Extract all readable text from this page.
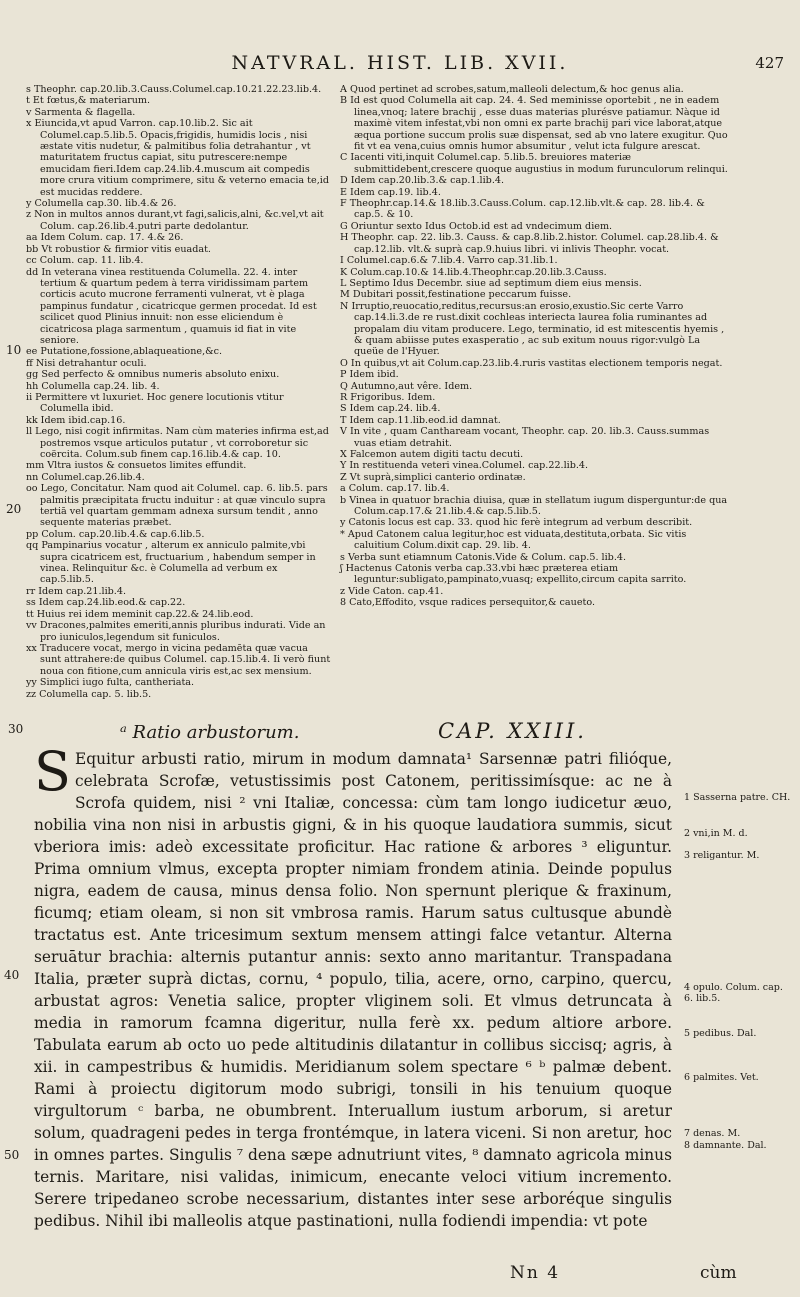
NATVRAL. HIST. LIB. XVII.	427
s Theophr. cap.20.lib.3.Causs.Columel.cap.10.21.22.23.lib.4.
t Et fœtus,& materiarum.
v Sarmenta & flagella.
x Eiuncida,vt apud Varron. cap.10.lib.2. Sic ait Columel.cap.5.lib.5. Opacis,frigidis, humidis locis , nisi æstate vitis nudetur, & palmitibus folia detrahantur , vt maturitatem fructus capiat, situ putrescere:nempe emucidam fieri.Idem cap.24.lib.4.muscum ait compedis more crura vitium comprimere, situ & veterno emacia te,id est mucidas reddere.
y Columella cap.30. lib.4.& 26.
z Non in multos annos durant,vt fagi,salicis,alni, &c.vel,vt ait Colum. cap.26.lib.4.putri parte dedolantur.
aa Idem Colum. cap. 17. 4.& 26.
bb Vt robustior & firmior vitis euadat.
cc Colum. cap. 11. lib.4.
dd In veterana vinea restituenda Columella. 22. 4. inter tertium & quartum pedem à terra viridissimam partem corticis acuto mucrone ferramenti vulnerat, vt è plaga pampinus fundatur , cicatricque germen procedat. Id est scilicet quod Plinius innuit: non esse eliciendum è cicatricosa plaga sarmentum , quamuis id fiat in vite seniore.
ee Putatione,fossione,ablaqueatione,&c.
ff Nisi detrahantur oculi.
gg Sed perfecto & omnibus numeris absoluto enixu.
hh Columella cap.24. lib. 4.
ii Permittere vt luxuriet. Hoc genere locutionis vtitur Columella ibid.
kk Idem ibid.cap.16.
ll Lego, nisi cogit infirmitas. Nam cùm materies infirma est,ad postremos vsque articulos putatur , vt corroboretur sic coërcita. Colum.sub finem cap.16.lib.4.& cap. 10.
mm Vltra iustos & consuetos limites effundit.
nn Columel.cap.26.lib.4.
oo Lego, Concitatur. Nam quod ait Columel. cap. 6. lib.5. pars palmitis præcipitata fructu induitur : at quæ vinculo supra tertiā vel quartam gemmam adnexa sursum tendit , anno sequente materias præbet.
pp Colum. cap.20.lib.4.& cap.6.lib.5.
qq Pampinarius vocatur , alterum ex anniculo palmite,vbi supra cicatricem est, fructuarium , habendum semper in vinea. Relinquitur &c. è Columella ad verbum ex cap.5.lib.5.
rr Idem cap.21.lib.4.
ss Idem cap.24.lib.eod.& cap.22.
tt Huius rei idem meminit cap.22.& 24.lib.eod.
vv Dracones,palmites emeriti,annis pluribus indurati. Vide an pro iuniculos,legendum sit funiculos.
xx Traducere vocat, mergo in vicina pedamēta quæ vacua sunt attrahere:de quibus Columel. cap.15.lib.4. Ii verò fiunt noua con fitione,cum annicula viris est,ac sex mensium.
yy Simplici iugo fulta, cantheriata.
zz Columella cap. 5. lib.5.
A Quod pertinet ad scrobes,satum,malleoli delectum,& hoc genus alia.
B Id est quod Columella ait cap. 24. 4. Sed meminisse oportebit , ne in eadem linea,vnoq; latere brachij , esse duas materias plurésve patiamur. Nàque id maximè vitem infestat,vbi non omni ex parte brachij pari vice laborat,atque æqua portione succum prolis suæ dispensat, sed ab vno latere exugitur. Quo fit vt ea vena,cuius omnis humor absumitur , velut icta fulgure arescat.
C Iacenti viti,inquit Columel.cap. 5.lib.5. breuiores materiæ submittidebent,crescere quoque augustius in modum furunculorum relinqui.
D Idem cap.20.lib.3.& cap.1.lib.4.
E Idem cap.19. lib.4.
F Theophr.cap.14.& 18.lib.3.Causs.Colum. cap.12.lib.vlt.& cap. 28. lib.4. & cap.5. & 10.
G Oriuntur sexto Idus Octob.id est ad vndecimum diem.
H Theophr. cap. 22. lib.3. Causs. & cap.8.lib.2.histor. Columel. cap.28.lib.4. & cap.12.lib. vlt.& suprà cap.9.huius libri. vi inlivis Theophr. vocat.
I Columel.cap.6.& 7.lib.4. Varro cap.31.lib.1.
K Colum.cap.10.& 14.lib.4.Theophr.cap.20.lib.3.Causs.
L Septimo Idus Decembr. siue ad septimum diem eius mensis.
M Dubitari possit,festinatione peccarum fuisse.
N Irruptio,reuocatio,reditus,recursus:an erosio,exustio.Sic certe Varro cap.14.li.3.de re rust.dixit cochleas interiecta laurea folia ruminantes ad propalam diu vitam producere. Lego, terminatio, id est mitescentis hyemis , & quam abiisse putes exasperatio , ac sub exitum nouus rigor:vulgò La queüe de l'Hyuer.
O In quibus,vt ait Colum.cap.23.lib.4.ruris vastitas electionem temporis negat.
P Idem ibid.
Q Autumno,aut vêre. Idem.
R Frigoribus. Idem.
S Idem cap.24. lib.4.
T Idem cap.11.lib.eod.id damnat.
V In vite , quam Canthaream vocant, Theophr. cap. 20. lib.3. Causs.summas vuas etiam detrahit.
X Falcemon autem digiti tactu decuti.
Y In restituenda veteri vinea.Columel. cap.22.lib.4.
Z Vt suprà,simplici canterio ordinatæ.
a Colum. cap.17. lib.4.
b Vinea in quatuor brachia diuisa, quæ in stellatum iugum disperguntur:de qua Colum.cap.17.& 21.lib.4.& cap.5.lib.5.
y Catonis locus est cap. 33. quod hic ferè integrum ad verbum describit.
* Apud Catonem calua legitur,hoc est viduata,destituta,orbata. Sic vitis caluitium Colum.dixit cap. 29. lib. 4.
s Verba sunt etiamnum Catonis.Vide & Colum. cap.5. lib.4.
ʃ Hactenus Catonis verba cap.33.vbi hæc præterea etiam leguntur:subligato,pampinato,vuasq; expellito,circum capita sarrito.
z Vide Caton. cap.41.
8 Cato,Effodito, vsque radices persequitor,& caueto.
10
20
30
40
50
ᵃ Ratio arbustorum.	CAP. XXIII.

S Equitur arbusti ratio, mirum in modum damnata¹ Sarsennæ patri filióque, celebrata Scrofæ, vetustissimis post Catonem, peritissimísque: ac ne à Scrofa quidem, nisi ² vni Italiæ, concessa: cùm tam longo iudicetur æuo, nobilia vina non nisi in arbustis gigni, & in his quoque laudatiora summis, sicut vberiora imis: adeò excessitate proficitur. Hac ratione & arbores ³ eliguntur. Prima omnium vlmus, excepta propter nimiam frondem atinia. Deinde populus nigra, eadem de causa, minus densa folio. Non spernunt plerique & fraxinum, ficumq; etiam oleam, si non sit vmbrosa ramis. Harum satus cultusque abundè tractatus est. Ante tricesimum sextum mensem attingi falce vetantur. Alterna seruātur brachia: alternis putantur annis: sexto anno maritantur. Transpadana Italia, præter suprà dictas, cornu, ⁴ populo, tilia, acere, orno, carpino, quercu, arbustat agros: Venetia salice, propter vliginem soli. Et vlmus detruncata à media in ramorum fcamna digeritur, nulla ferè xx. pedum altiore arbore. Tabulata earum ab octo uo pede altitudinis dilatantur in collibus siccisq; agris, à xii. in campestribus & humidis. Meridianum solem spectare ⁶ ᵇ palmæ debent. Rami à proiectu digitorum modo subrigi, tonsili in his tenuium quoque virgultorum ᶜ barba, ne obumbrent. Interuallum iustum arborum, si aretur solum, quadrageni pedes in terga frontémque, in latera viceni. Si non aretur, hoc in omnes partes. Singulis ⁷ dena sæpe adnutriunt vites, ⁸ damnato agricola minus ternis. Maritare, nisi validas, inimicum, enecante veloci vitium incremento. Serere tripedaneo scrobe necessarium, distantes inter sese arboréque singulis pedibus. Nihil ibi malleolis atque pastinationi, nulla fodiendi impendia: vt pote

1 Sasserna patre. CH.
2 vni,in M. d.
3 religantur. M.
4 opulo. Colum. cap. 6. lib.5.
5 pedibus. Dal.
6 palmites. Vet.
7 denas. M.
8 damnante. Dal.
Nn 4	cùm
